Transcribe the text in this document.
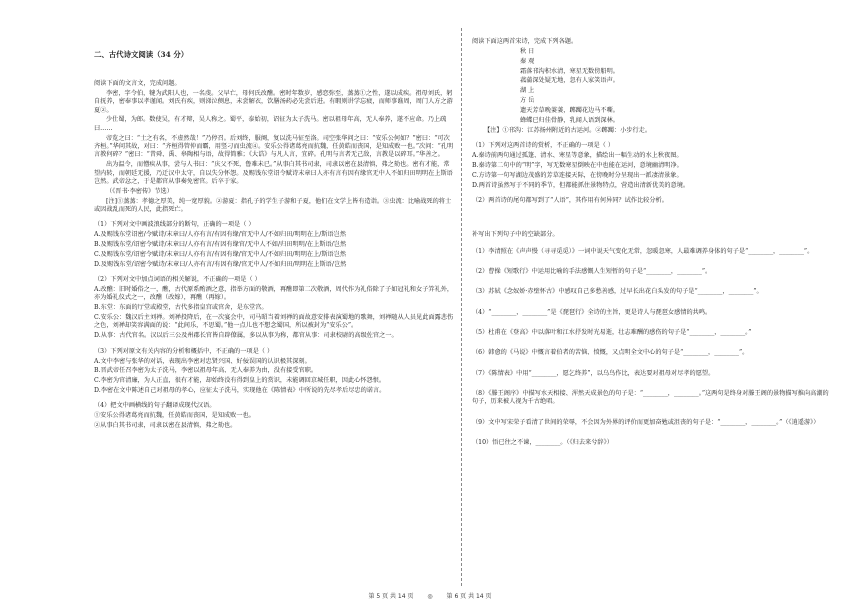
二、古代诗文阅读（34 分）
阅读下面的文言文，完成问题。
李密，字令伯，犍为武阳人也，一名虔。父早亡，母何氏改醮。密时年数岁，感恋弥至，蒸蒸①之性，遂以成疾。祖母刘氏，躬自抚养，密奉事以孝谨闻。刘氏有疾，则涕泣侧息，未尝解衣，饮膳汤药必先尝后进。有暇则讲学忘疲，而师事谯周，周门人方之游夏②。
少仕蜀，为郎。数使吴，有才辩，吴人称之。蜀平，泰始初，诏征为太子洗马。密以祖母年高，无人奉养，遂不应命。乃上疏曰……
帝览之曰：“士之有名，不虚然哉！”乃停召。后刘终，服阕，复以洗马征至洛。司空张华问之曰：“安乐公何如？”密曰：“可次齐桓。”华问其故，对曰：“齐桓得管仲而霸，用竖刁而虫流④。安乐公得诸葛亮而抗魏，任黄皓而丧国，是知成败一也。”次问：“孔明言教何碎？”密曰：“昔舜、禹、皋陶相与语，故得简雅；《大诰》与凡人言，宜碎。孔明与言者无己敌，言教是以碎耳。”华善之。
出为温令，而憎疾从事，尝与人书曰：“庆父不死，鲁难未已。”从事白其书司隶，司隶以密在县清慎，弗之劾也。密有才能，常望内转，而朝廷无援，乃迁汉中太守，自以失分怀怨。及赐饯东堂诏令赋诗末章曰人亦有言有因有缘官无中人不如归田明明在上斯语岂然。武帝忿之，于是都官从事奏免密官。后卒于家。
（《晋书·李密传》节选）
[注]①蒸蒸：孝德之厚美，纯一宽厚貌。②游夏：指孔子的学生子游和子夏，他们在文学上皆有造诣。③虫流：比喻战死的将士或因战乱而死的人民，此指死亡。
（1）下列对文中画波浪线部分的断句，正确的一项是（ ）
A.及赐饯东堂诏密/令赋诗/末章曰/人亦有言/有因有缘/官无中人/不如归田/明明在上/斯语岂然
B.及赐饯东堂/诏密令赋诗/末章曰/人亦有言/有因有缘官/无中人不如/归田明明/在上斯语/岂然
C.及赐饯东堂/诏密令赋诗/末章曰/人亦有言/有因有缘/官无中人/不如归田/明明在上/斯语岂然
D.及赐饯东堂/诏密令赋诗/末章曰/人亦有言/有因有缘/官无中人/不如归田/明明在上斯语/岂然
（2）下列对文中加点词语的相关解说，不正确的一项是（ ）
A.改醮：旧时婚俗之一，醮，古代原系酌酒之意，指举方面的敬酒，再醮即第二次敬酒，周代作为礼俗除了子如冠礼和女子笄礼外，亦为婚礼仪式之一，改醮（改嫁），再醮（再嫁）。
B.东堂：东面的厅堂或殿堂，古代多指皇宫或官舍，是东堂宫。
C.安乐公：魏汉后主刘禅。刘禅投降后，在一次宴会中，司马昭当着刘禅的面故意安排表演蜀地的歌舞，刘禅随从人员见此面露悲伤之色，刘禅却笑容满面的说：“此间乐，不思蜀。”他一点儿也不想念蜀国，所以被封为“安乐公”。
D.从事：古代官名。汉以后三公及州郡长官皆自辟僚属，多以从事为称，都官从事：司隶校尉的高级佐官之一。
（3）下列对原文有关内容的分析和概括中，不正确的一项是（ ）
A.文中李密与张华的对话，表现出李密对忠贤兴国、好佞误国的认识极其深刻。
B.晋武帝任召李密为太子洗马，李密以祖母年高、无人奉养为由，没有接受官职。
C.李密为官清廉，为人正直，很有才能，却始终没有得到皇上的赏识，未能调回京城任职，因此心怀怨恨。
D.李密在文中陈述自己对祖母的孝心，应征太子洗马，实现他在《陈情表》中所说的先尽孝后尽忠的诺言。
（4）把文中画横线的句子翻译成现代汉语。
①安乐公得诸葛亮而抗魏，任黄皓而丧国，是知成败一也。
②从事白其书司隶，司隶以密在县清慎，弗之劾也。
阅读下面这两首宋诗，完成下列各题。
秋 日
秦 观
霜落邗沟积水清，寒星无数傍船明。
菰蒲深处疑无地，忽有人家笑语声。
湖 上
方 岳
遗天芳草晚萋萋，踯躅花边马不嘶。
蜂蝶已归佳骨静，乳闻人语到深林。
【注】①邗沟：江苏扬州附近的古运河。②踯躅：小步行走。
（1）下列对这两首诗的赏析，不正确的一项是（ ）
A.秦诗前两句通过孤篷、清水、寒星等意象，描绘出一幅生动的水上秋夜图。
B.秦诗第二句中的“明”字，写无数寒星倒映在中也能在运河，意境幽清明净。
C.方诗第一句写湖边茂盛的芳草连接天际，在傍晚时分呈现出一派凄清景象。
D.两首诗虽然写于不同的季节，但都能抓住景物特点，营造出清新优美的意境。
（2）两首诗的尾句都写到了“人语”，其作用有何异同？试作比较分析。
补写出下列句子中的空缺部分。
（1）李清照在《声声慢（寻寻觅觅）》一词中说天气变化无常，忽暖忽寒，人最难调养身体的句子是“________，________”。
（2）曹操《短歌行》中运用比喻的手法感慨人生短暂的句子是“________，________”。
（3）苏轼《念奴娇·赤壁怀古》中感叹自己多愁善感，过早长出花白头发的句子是“________，________”。
（4）“________，________”是《琵琶行》全诗的主旨，更是诗人与琵琶女感情的共鸣。
（5）杜甫在《登高》中以落叶和江水抒发时光易逝，壮志难酬的感伤的句子是“________，________。”
（6）韩愈的《马说》中慨言着伯者的苦恼、愤慨，又点明全文中心的句子是“________，________”。
（7）《陈情表》中用“________，愿乞终养”，以乌鸟作比，表达要对祖母对尽孝的愿望。
（8）《滕王阁序》中描写水天相接、浑然天成景色的句子是：“________，________。”这两句是终身对滕王阁的景物描写推向高潮的句子，历来被人视为千古绝唱。
（9）文中写宋荣子看清了世间的荣辱，不会因为外界的评价而更加奋勉或沮丧的句子是：“________，________。”（《逍遥游》）
（10）悟已往之不谏，________。（《归去来兮辞》）
第 5 页 共 14 页 ◎ 第 6 页 共 14 页
